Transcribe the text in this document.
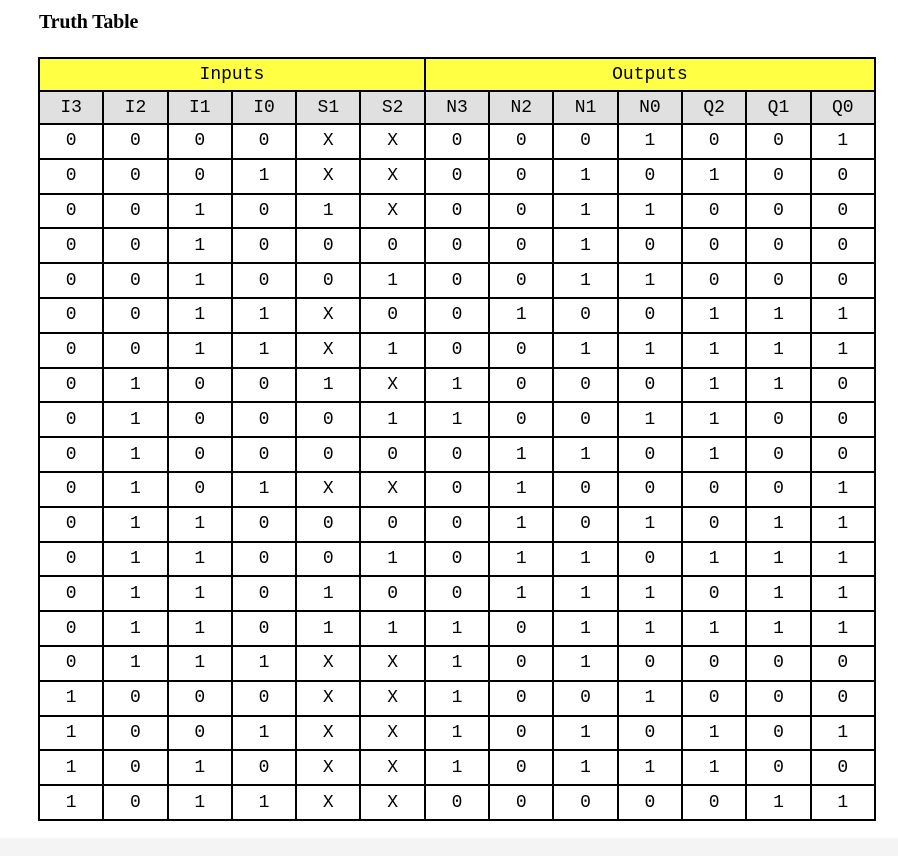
Truth Table
Inputs						Outputs						
I3	I2	I1	I0	S1	S2	N3	N2	N1	N0	Q2	Q1	Q0
0	0	0	0	X	X	0	0	0	1	0	0	1
0	0	0	1	X	X	0	0	1	0	1	0	0
0	0	1	0	1	X	0	0	1	1	0	0	0
0	0	1	0	0	0	0	0	1	0	0	0	0
0	0	1	0	0	1	0	0	1	1	0	0	0
0	0	1	1	X	0	0	1	0	0	1	1	1
0	0	1	1	X	1	0	0	1	1	1	1	1
0	1	0	0	1	X	1	0	0	0	1	1	0
0	1	0	0	0	1	1	0	0	1	1	0	0
0	1	0	0	0	0	0	1	1	0	1	0	0
0	1	0	1	X	X	0	1	0	0	0	0	1
0	1	1	0	0	0	0	1	0	1	0	1	1
0	1	1	0	0	1	0	1	1	0	1	1	1
0	1	1	0	1	0	0	1	1	1	0	1	1
0	1	1	0	1	1	1	0	1	1	1	1	1
0	1	1	1	X	X	1	0	1	0	0	0	0
1	0	0	0	X	X	1	0	0	1	0	0	0
1	0	0	1	X	X	1	0	1	0	1	0	1
1	0	1	0	X	X	1	0	1	1	1	0	0
1	0	1	1	X	X	0	0	0	0	0	1	1
